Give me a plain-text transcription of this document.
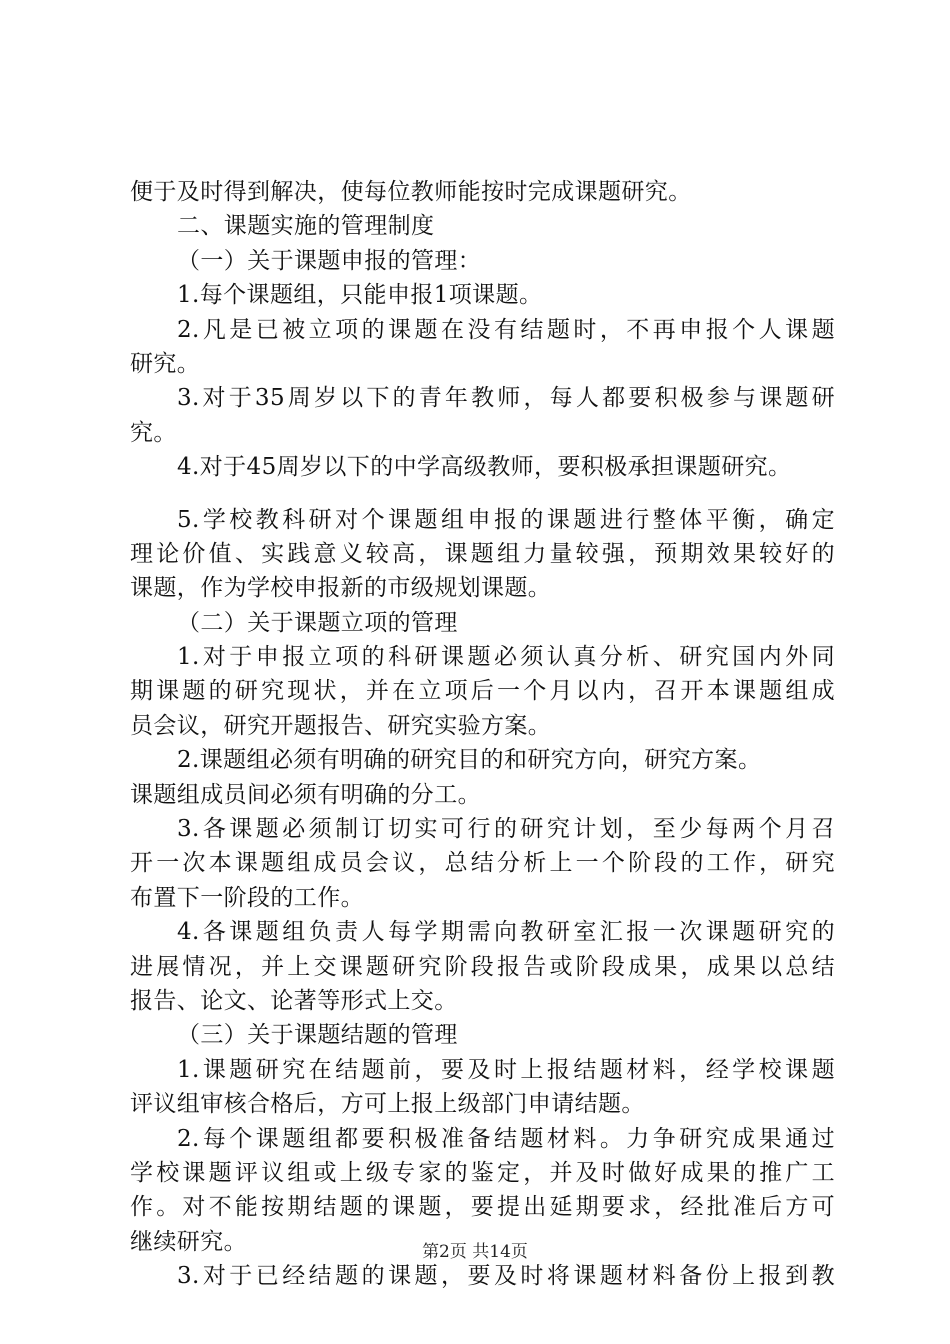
便于及时得到解决，使每位教师能按时完成课题研究。
二、课题实施的管理制度
（一）关于课题申报的管理：
1.每个课题组，只能申报1项课题。
2.凡是已被立项的课题在没有结题时，不再申报个人课题
研究。
3.对于35周岁以下的青年教师，每人都要积极参与课题研
究。
4.对于45周岁以下的中学高级教师，要积极承担课题研究。
5.学校教科研对个课题组申报的课题进行整体平衡，确定
理论价值、实践意义较高，课题组力量较强，预期效果较好的
课题，作为学校申报新的市级规划课题。
（二）关于课题立项的管理
1.对于申报立项的科研课题必须认真分析、研究国内外同
期课题的研究现状，并在立项后一个月以内，召开本课题组成
员会议，研究开题报告、研究实验方案。
2.课题组必须有明确的研究目的和研究方向，研究方案。
课题组成员间必须有明确的分工。
3.各课题必须制订切实可行的研究计划，至少每两个月召
开一次本课题组成员会议，总结分析上一个阶段的工作，研究
布置下一阶段的工作。
4.各课题组负责人每学期需向教研室汇报一次课题研究的
进展情况，并上交课题研究阶段报告或阶段成果，成果以总结
报告、论文、论著等形式上交。
（三）关于课题结题的管理
1.课题研究在结题前，要及时上报结题材料，经学校课题
评议组审核合格后，方可上报上级部门申请结题。
2.每个课题组都要积极准备结题材料。力争研究成果通过
学校课题评议组或上级专家的鉴定，并及时做好成果的推广工
作。对不能按期结题的课题，要提出延期要求，经批准后方可
继续研究。
3.对于已经结题的课题，要及时将课题材料备份上报到教
第2页 共14页
